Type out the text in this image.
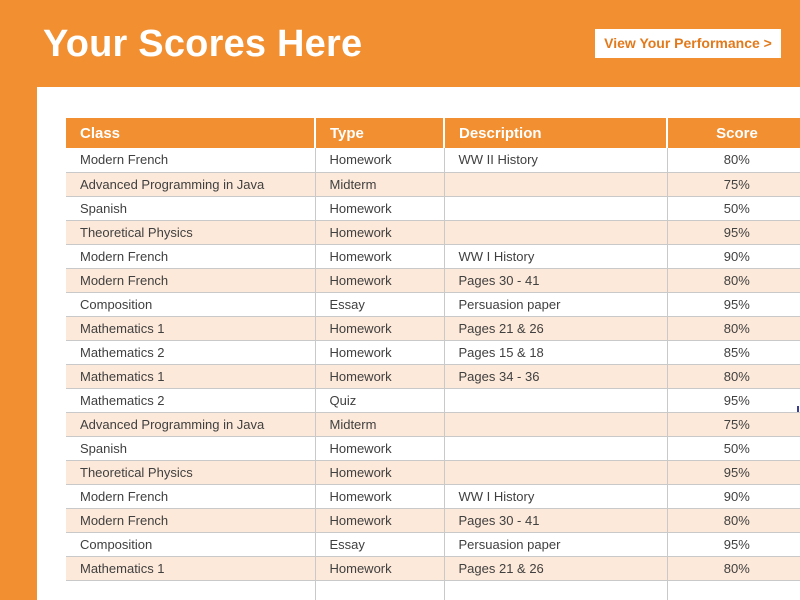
Your Scores Here	View Your Performance >
Class	Type	Description	Score
Modern French	Homework	WW II History	80%
Advanced Programming in Java	Midterm		75%
Spanish	Homework		50%
Theoretical Physics	Homework		95%
Modern French	Homework	WW I History	90%
Modern French	Homework	Pages 30 - 41	80%
Composition	Essay	Persuasion paper	95%
Mathematics 1	Homework	Pages 21 & 26	80%
Mathematics 2	Homework	Pages 15 & 18	85%
Mathematics 1	Homework	Pages 34 - 36	80%
Mathematics 2	Quiz		95%
Advanced Programming in Java	Midterm		75%
Spanish	Homework		50%
Theoretical Physics	Homework		95%
Modern French	Homework	WW I History	90%
Modern French	Homework	Pages 30 - 41	80%
Composition	Essay	Persuasion paper	95%
Mathematics 1	Homework	Pages 21 & 26	80%
